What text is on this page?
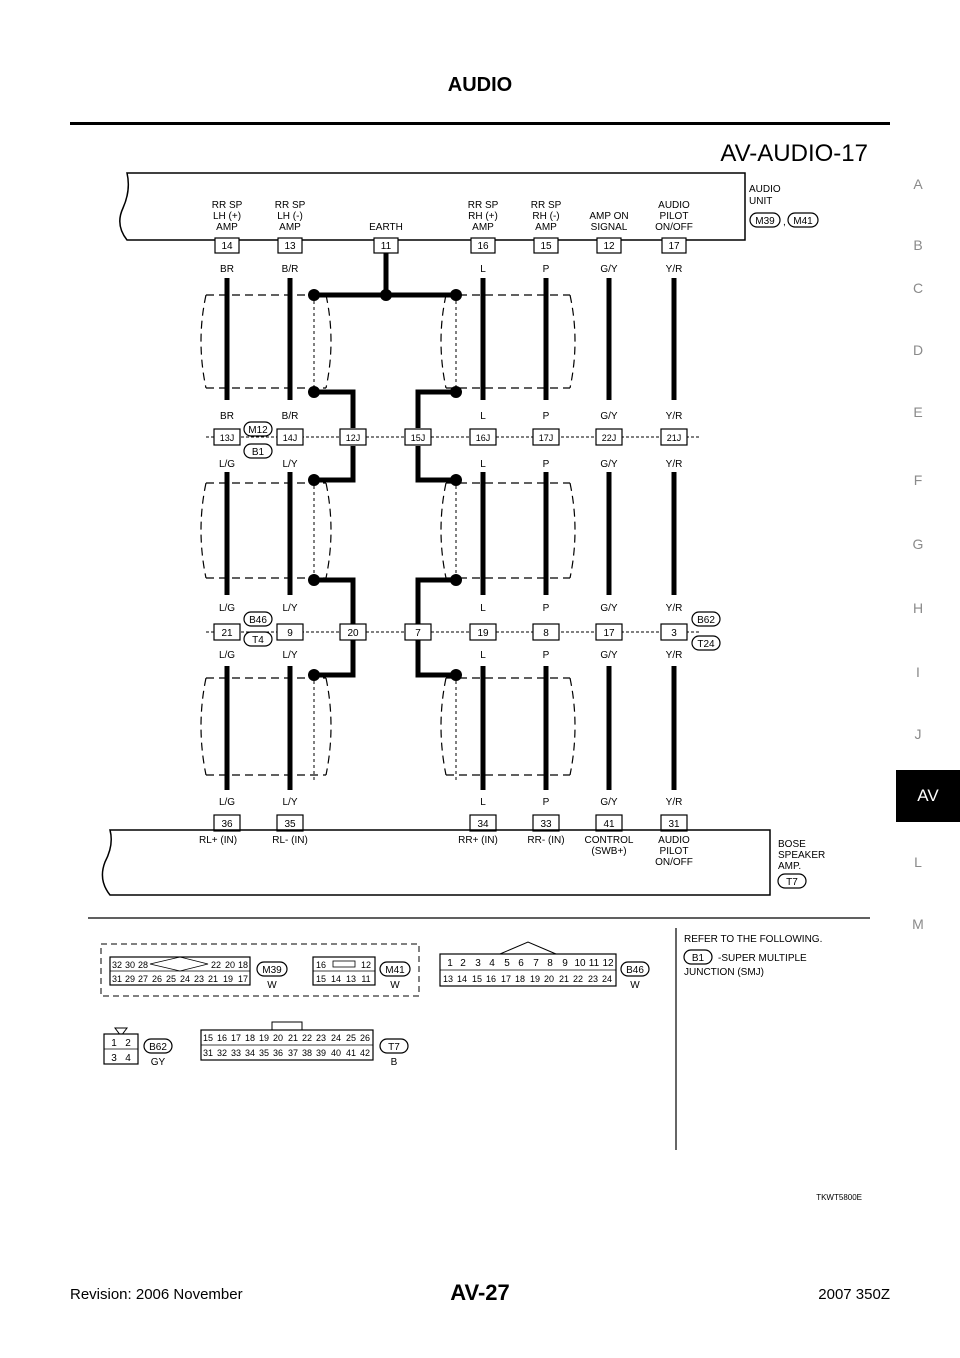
AUDIO
AV-AUDIO-17
A
B
C
D
E
F
G
H
I
J
L
M
AV
AUDIO
UNIT
M39 , M41
RR SP
LH (+)
AMP
RR SP
LH (-)
AMP	EARTH
RR SP
RH (+)
AMP
RR SP
RH (-)
AMP
AMP ON
SIGNAL
AUDIO
PILOT
ON/OFF
14	13	11	16	15	12	17
BR	B/R	L	P	G/Y	Y/R
BR	B/R	L	P	G/Y	Y/R
13J	14J	12J	15J	16J	17J	22J	21J
M12
B1
L/G	L/Y	L	P	G/Y	Y/R
L/G	L/Y	L	P	G/Y	Y/R
21	9	20	7	19	8	17	3
B46
T4
B62
T24
L/G	L/Y	L	P	G/Y	Y/R
L/G	L/Y	L	P	G/Y	Y/R
36	35	34	33	41	31
RL+ (IN)	RL- (IN)	RR+ (IN)	RR- (IN) CONTROL
(SWB+)
AUDIO
PILOT
ON/OFF
BOSE
SPEAKER
AMP.
T7
32 30 28	22 20 18
31 29 27 26 25 24 23 21 19 17
M39
W
16	12
15 14 13 11
M41
W
1 2 3 4 5 6 7 8 9 10 11 12
13 14 15 16 17 18 19 20 21 22 23 24
B46
W
1 2
3 4
B62
GY
15 16 17 18 19 20 21 22 23 24 25 26
31 32 33 34 35 36 37 38 39 40 41 42 T7
B
REFER TO THE FOLLOWING.
B1 -SUPER MULTIPLE
JUNCTION (SMJ)
TKWT5800E
Revision: 2006 November	AV-27	2007 350Z
